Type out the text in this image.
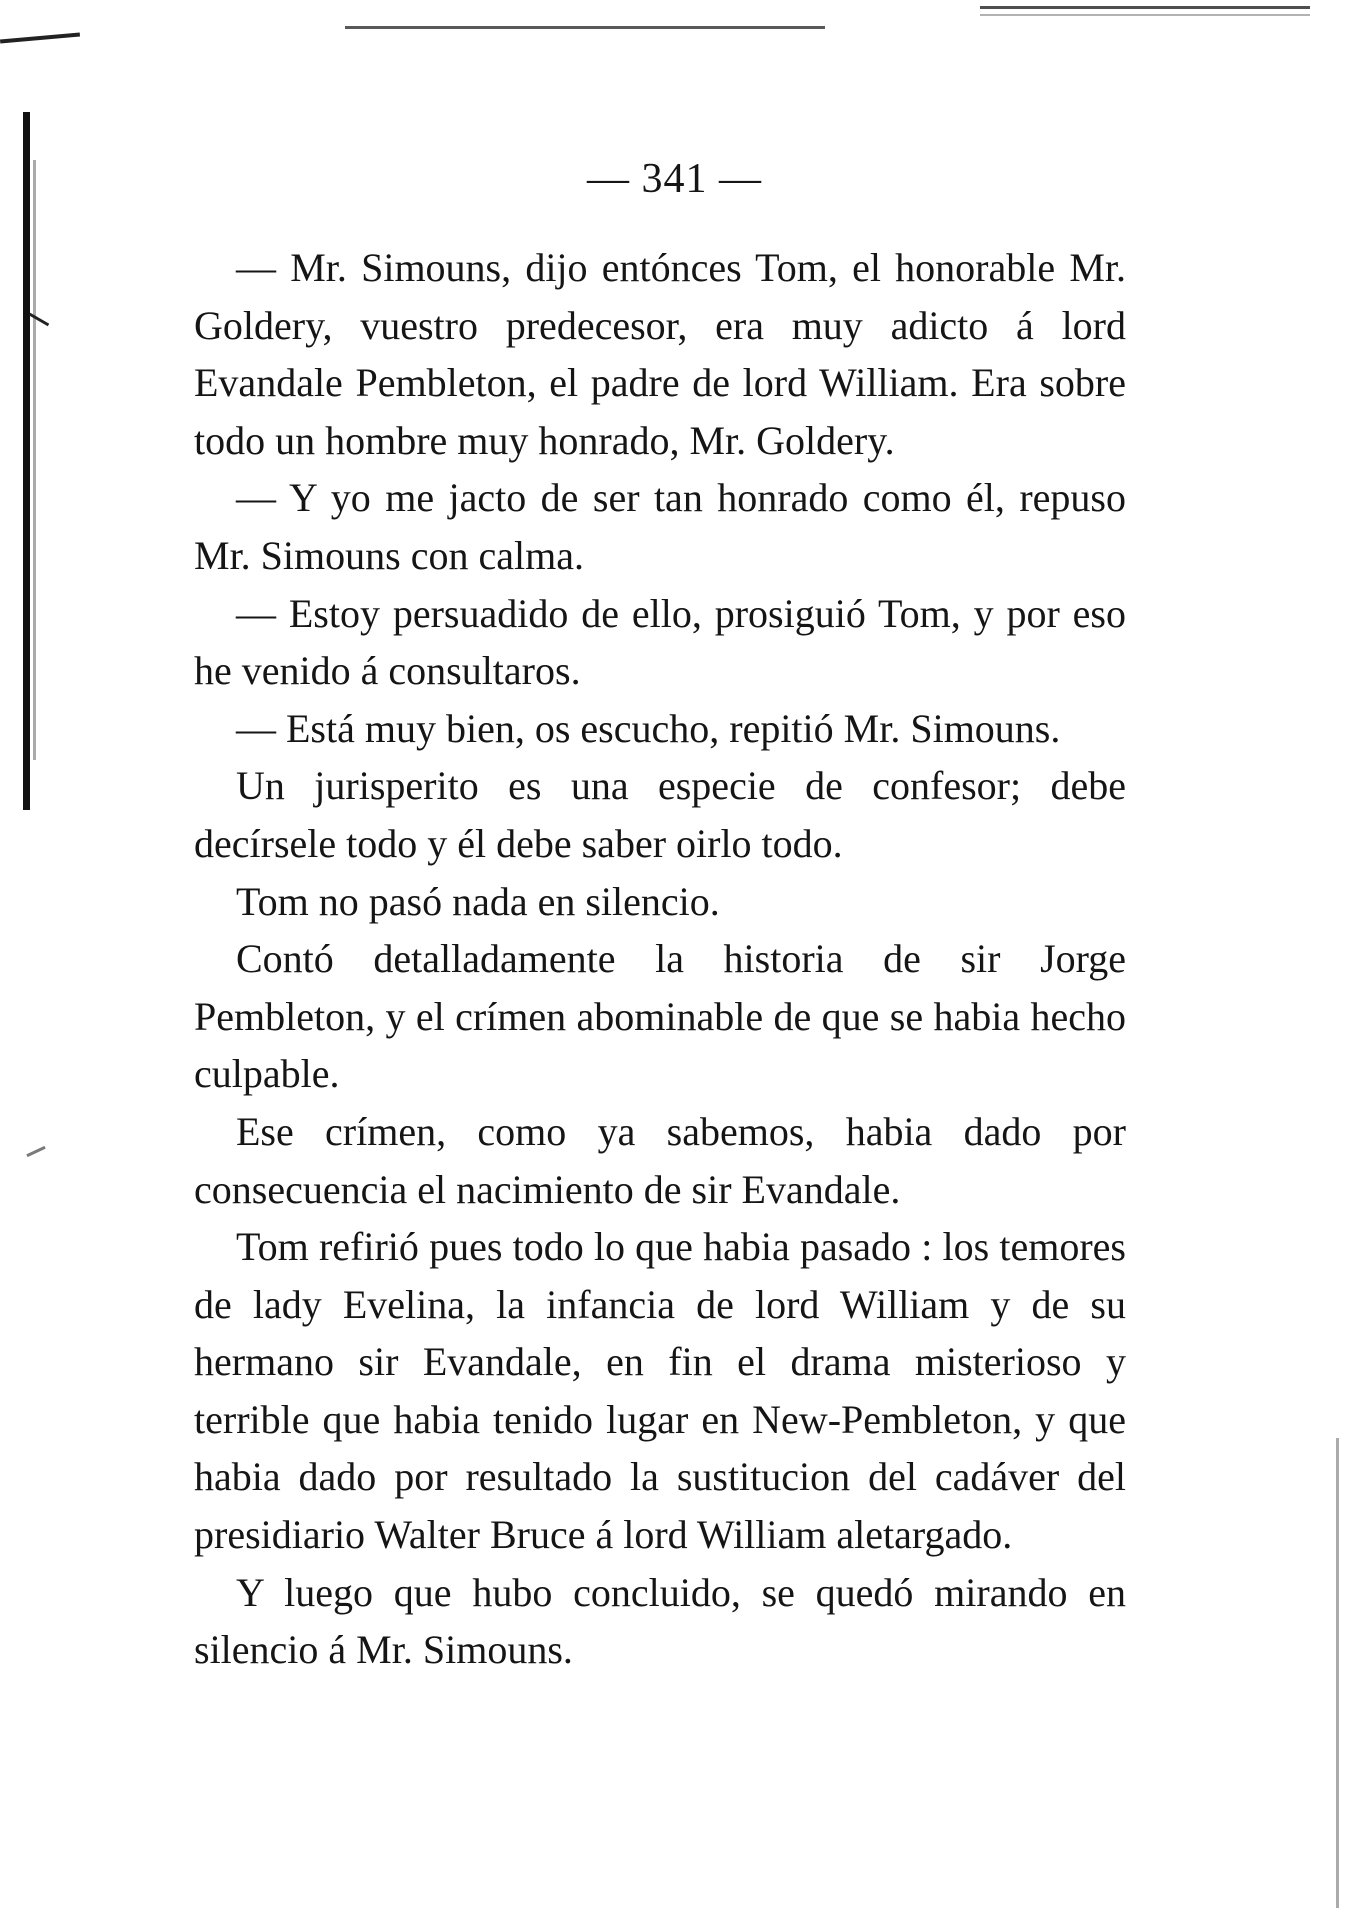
— 341 —

— Mr. Simouns, dijo entónces Tom, el honorable Mr. Goldery, vuestro predecesor, era muy adicto á lord Evandale Pembleton, el padre de lord William. Era sobre todo un hombre muy honrado, Mr. Goldery.

— Y yo me jacto de ser tan honrado como él, repuso Mr. Simouns con calma.

— Estoy persuadido de ello, prosiguió Tom, y por eso he venido á consultaros.

— Está muy bien, os escucho, repitió Mr. Simouns.

Un jurisperito es una especie de confesor; debe decírsele todo y él debe saber oirlo todo.

Tom no pasó nada en silencio.

Contó detalladamente la historia de sir Jorge Pembleton, y el crímen abominable de que se habia hecho culpable.

Ese crímen, como ya sabemos, habia dado por consecuencia el nacimiento de sir Evandale.

Tom refirió pues todo lo que habia pasado : los temores de lady Evelina, la infancia de lord William y de su hermano sir Evandale, en fin el drama misterioso y terrible que habia tenido lugar en New-Pembleton, y que habia dado por resultado la sustitucion del cadáver del presidiario Walter Bruce á lord William aletargado.

Y luego que hubo concluido, se quedó mirando en silencio á Mr. Simouns.
